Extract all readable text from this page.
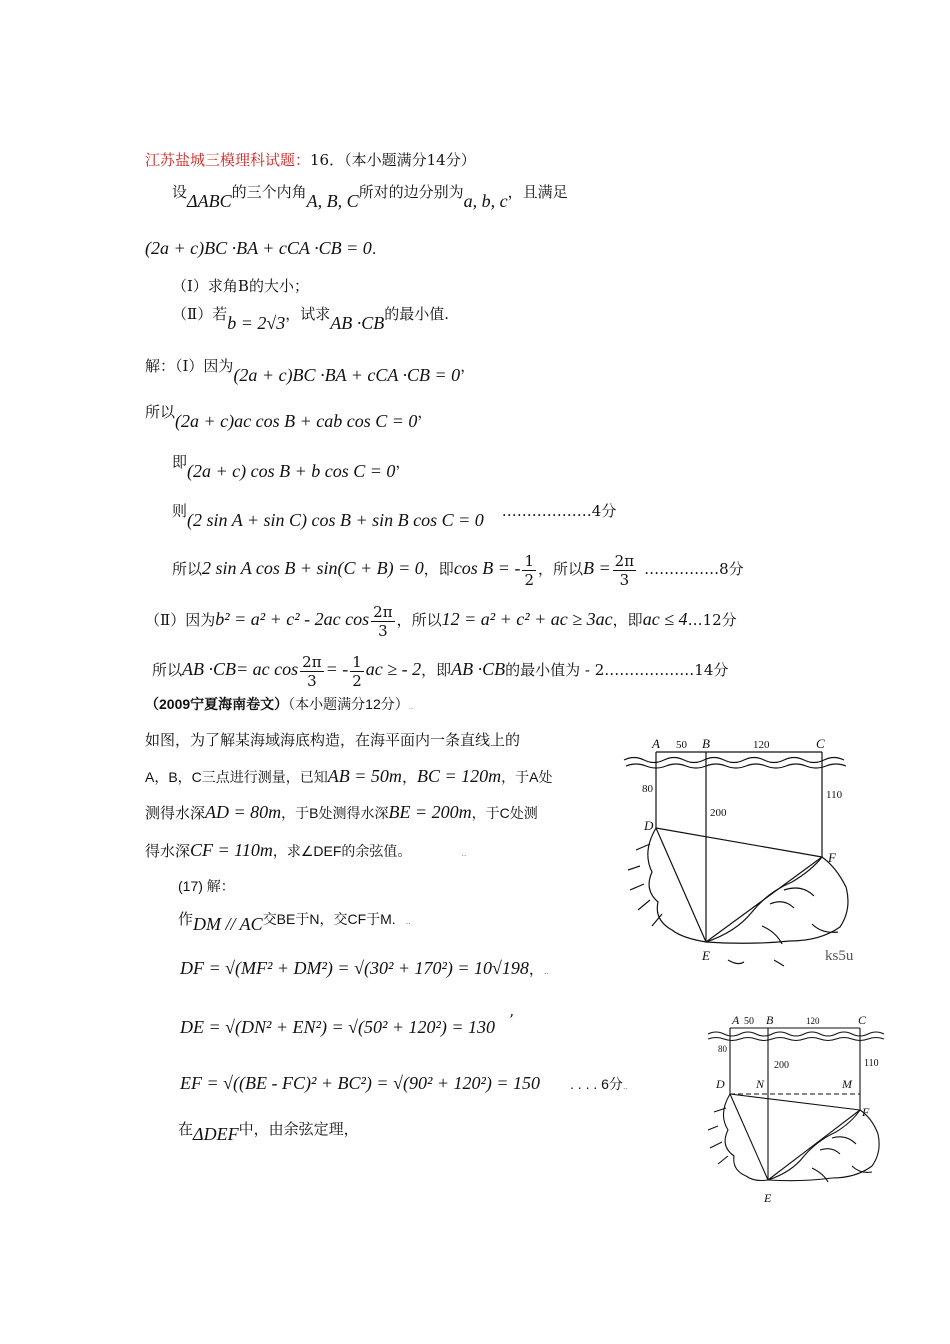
江苏盐城三模理科试题：16．（本小题满分14分）
设ΔABC的三个内角A, B, C所对的边分别为a, b, c，且满足
(2a + c)BC ·BA + cCA ·CB = 0.
（Ⅰ）求角B的大小；
（Ⅱ）若b = 2√3，试求AB ·CB的最小值.
解：（Ⅰ）因为(2a + c)BC ·BA + cCA ·CB = 0，
所以(2a + c)ac cos B + cab cos C = 0，
即(2a + c) cos B + b cos C = 0，
则(2 sin A + sin C) cos B + sin B cos C = 0 ………………4分
所以2 sin A cos B + sin(C + B) = 0，即cos B = - $\frac{1}{2}$ ，所以$B = \frac{2\pi}{3}$ ……………8分
（Ⅱ）因为b² = a² + c² - 2ac $\cos \frac{2\pi}{3}$ ，所以12 = a² + c² + ac ≥ 3ac，即ac ≤ 4…12分
所以AB ·CB= ac $\cos \frac{2\pi}{3}$ = - $\frac{1}{2}$ ac ≥ - 2，即AB ·CB的最小值为 - 2………………14分
（2009宁夏海南卷文）（本小题满分12分）..
如图，为了解某海域海底构造，在海平面内一条直线上的
A，B，C三点进行测量，已知AB = 50m，BC = 120m，于A处
测得水深AD = 80m，于B处测得水深BE = 200m，于C处测
得水深CF = 110m，求∠DEF的余弦值。	..
(17) 解：
作DM // AC交BE于N，交CF于M. ..
DF = √(MF² + DM²) = √(30² + 170²) = 10√198，..
DE = √(DN² + EN²) = √(50² + 120²) = 130 ’
EF = √((BE - FC)² + BC²) = √(90² + 120²) = 150 . . . . 6分..
在ΔDEF中，由余弦定理，
A 50 B	120	C
80
200
110
D
F
E	ks5u
A 50 B	120	C
80
200	110
D	N	M
F
E
